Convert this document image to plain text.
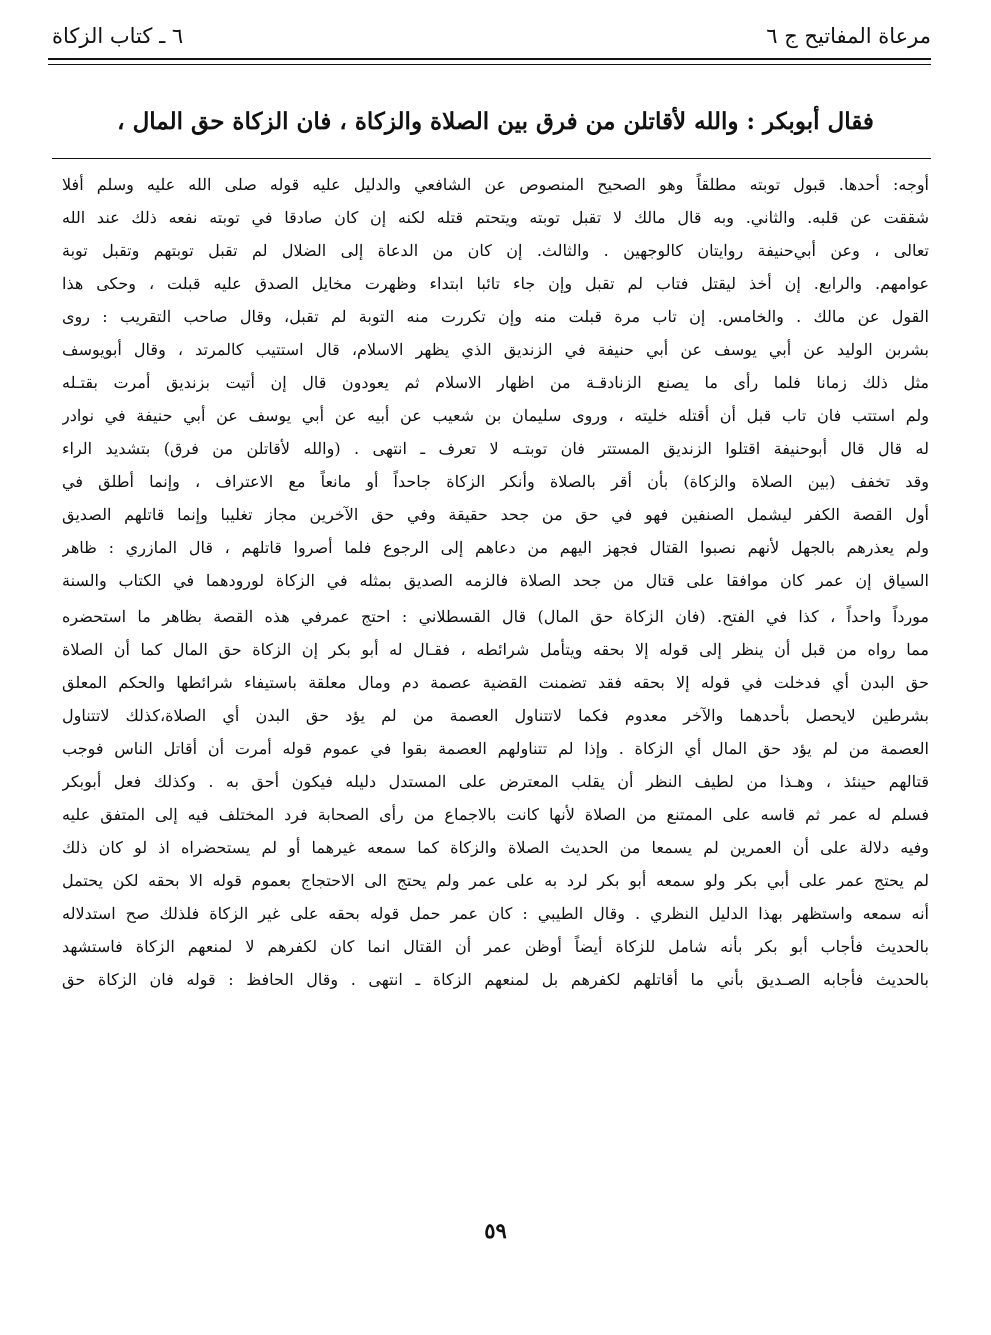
مرعاة المفاتيح ج ٦
٦ ـ كتاب الزكاة
فقال أبوبكر : والله لأقاتلن من فرق بين الصلاة والزكاة ، فان الزكاة حق المال ،
أوجه: أحدها. قبول توبته مطلقاً وهو الصحيح المنصوص عن الشافعي والدليل عليه قوله صلى الله عليه وسلم أفلا
شققت عن قلبه. والثاني. وبه قال مالك لا تقبل توبته ويتحتم قتله لكنه إن كان صادقا في توبته نفعه ذلك عند الله
تعالى ، وعن أبي‌حنيفة روايتان كالوجهين . والثالث. إن كان من الدعاة إلى الضلال لم تقبل توبتهم وتقبل توبة
عوامهم. والرابع. إن أخذ ليقتل فتاب لم تقبل وإن جاء تائبا ابتداء وظهرت مخايل الصدق عليه قبلت ، وحكى هذا
القول عن مالك . والخامس. إن تاب مرة قبلت منه وإن تكررت منه التوبة لم تقبل، وقال صاحب التقريب : روى
بشربن الوليد عن أبي يوسف عن أبي حنيفة في الزنديق الذي يظهر الاسلام، قال استتيب كالمرتد ، وقال أبويوسف
مثل ذلك زمانا فلما رأى ما يصنع الزنادقـة من اظهار الاسلام ثم يعودون قال إن أتيت بزنديق أمرت بقتـله
ولم استتب فان تاب قبل أن أقتله خليته ، وروى سليمان بن شعيب عن أبيه عن أبي يوسف عن أبي حنيفة في نوادر
له قال قال أبوحنيفة اقتلوا الزنديق المستتر فان توبتـه لا تعرف ـ انتهى . (والله لأقاتلن من فرق) بتشديد الراء
وقد تخفف (بين الصلاة والزكاة) بأن أقر بالصلاة وأنكر الزكاة جاحداً أو مانعاً مع الاعتراف ، وإنما أطلق في
أول القصة الكفر ليشمل الصنفين فهو في حق من جحد حقيقة وفي حق الآخرين مجاز تغليبا وإنما قاتلهم الصديق
ولم يعذرهم بالجهل لأنهم نصبوا القتال فجهز اليهم من دعاهم إلى الرجوع فلما أصروا قاتلهم ، قال المازري : ظاهر
السياق إن عمر كان موافقا على قتال من جحد الصلاة فالزمه الصديق بمثله في الزكاة لورودهما في الكتاب والسنة
مورداً واحداً ، كذا في الفتح. (فان الزكاة حق المال) قال القسطلاني : احتج عمرفي هذه القصة بظاهر ما استحضره
مما رواه من قبل أن ينظر إلى قوله إلا بحقه ويتأمل شرائطه ، فقـال له أبو بكر إن الزكاة حق المال كما أن الصلاة
حق البدن أي فدخلت في قوله إلا بحقه فقد تضمنت القضية عصمة دم ومال معلقة باستيفاء شرائطها والحكم المعلق
بشرطين لايحصل بأحدهما والآخر معدوم فكما لاتتناول العصمة من لم يؤد حق البدن أي الصلاة،كذلك لاتتناول
العصمة من لم يؤد حق المال أي الزكاة . وإذا لم تتناولهم العصمة بقوا في عموم قوله أمرت أن أقاتل الناس فوجب
قتالهم حينئذ ، وهـذا من لطيف النظر أن يقلب المعترض على المستدل دليله فيكون أحق به . وكذلك فعل أبوبكر
فسلم له عمر ثم قاسه على الممتنع من الصلاة لأنها كانت بالاجماع من رأى الصحابة فرد المختلف فيه إلى المتفق عليه
وفيه دلالة على أن العمرين لم يسمعا من الحديث الصلاة والزكاة كما سمعه غيرهما أو لم يستحضراه اذ لو كان ذلك
لم يحتج عمر على أبي بكر ولو سمعه أبو بكر لرد به على عمر ولم يحتج الى الاحتجاج بعموم قوله الا بحقه لكن يحتمل
أنه سمعه واستظهر بهذا الدليل النظري . وقال الطيبي : كان عمر حمل قوله بحقه على غير الزكاة فلذلك صح استدلاله
بالحديث فأجاب أبو بكر بأنه شامل للزكاة أيضاً أوظن عمر أن القتال انما كان لكفرهم لا لمنعهم الزكاة فاستشهد
بالحديث فأجابه الصـديق بأني ما أقاتلهم لكفرهم بل لمنعهم الزكاة ـ انتهى . وقال الحافظ : قوله فان الزكاة حق
٥٩
